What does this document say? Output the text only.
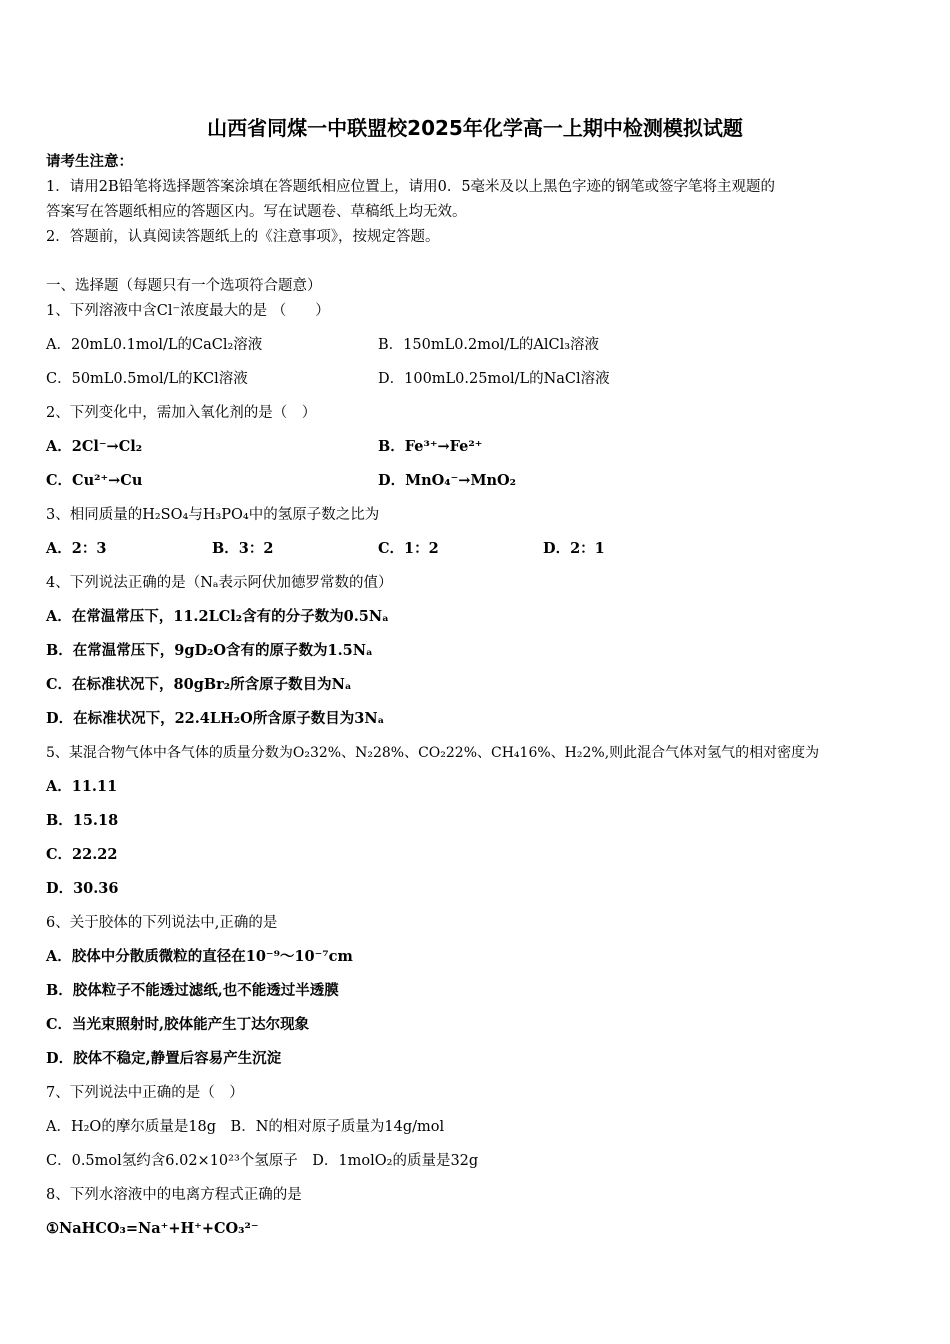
山西省同煤一中联盟校2025年化学高一上期中检测模拟试题
请考生注意：
1．请用2B铅笔将选择题答案涂填在答题纸相应位置上，请用0．5毫米及以上黑色字迹的钢笔或签字笔将主观题的
答案写在答题纸相应的答题区内。写在试题卷、草稿纸上均无效。
2．答题前，认真阅读答题纸上的《注意事项》，按规定答题。
一、选择题（每题只有一个选项符合题意）
1、下列溶液中含Cl⁻浓度最大的是 （　　）
A．20mL0.1mol/L的CaCl₂溶液	B．150mL0.2mol/L的AlCl₃溶液
C．50mL0.5mol/L的KCl溶液	D．100mL0.25mol/L的NaCl溶液
2、下列变化中，需加入氧化剂的是（　）
A．2Cl⁻→Cl₂	B．Fe³⁺→Fe²⁺
C．Cu²⁺→Cu	D．MnO₄⁻→MnO₂
3、相同质量的H₂SO₄与H₃PO₄中的氢原子数之比为
A．2：3	B．3：2	C．1：2	D．2：1
4、下列说法正确的是（Nₐ表示阿伏加德罗常数的值）
A．在常温常压下，11.2LCl₂含有的分子数为0.5Nₐ
B．在常温常压下，9gD₂O含有的原子数为1.5Nₐ
C．在标准状况下，80gBr₂所含原子数目为Nₐ
D．在标准状况下，22.4LH₂O所含原子数目为3Nₐ
5、某混合物气体中各气体的质量分数为O₂32%、N₂28%、CO₂22%、CH₄16%、H₂2%,则此混合气体对氢气的相对密度为
A．11.11
B．15.18
C．22.22
D．30.36
6、关于胶体的下列说法中,正确的是
A．胶体中分散质微粒的直径在10⁻⁹～10⁻⁷cm
B．胶体粒子不能透过滤纸,也不能透过半透膜
C．当光束照射时,胶体能产生丁达尔现象
D．胶体不稳定,静置后容易产生沉淀
7、下列说法中正确的是（　）
A．H₂O的摩尔质量是18g　B．N的相对原子质量为14g/mol
C．0.5mol氢约含6.02×10²³个氢原子　D．1molO₂的质量是32g
8、下列水溶液中的电离方程式正确的是
①NaHCO₃=Na⁺+H⁺+CO₃²⁻
